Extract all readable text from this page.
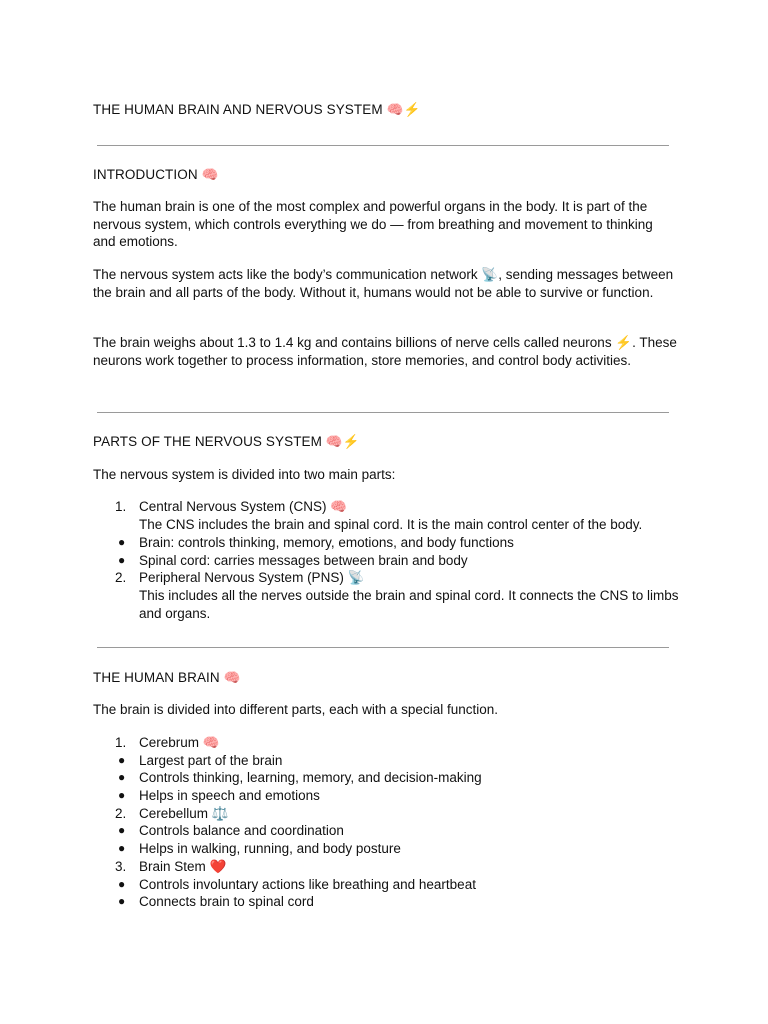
THE HUMAN BRAIN AND NERVOUS SYSTEM 🧠⚡

INTRODUCTION 🧠

The human brain is one of the most complex and powerful organs in the body. It is part of the nervous system, which controls everything we do — from breathing and movement to thinking and emotions.

The nervous system acts like the body’s communication network 📡, sending messages between the brain and all parts of the body. Without it, humans would not be able to survive or function.

The brain weighs about 1.3 to 1.4 kg and contains billions of nerve cells called neurons ⚡. These neurons work together to process information, store memories, and control body activities.

PARTS OF THE NERVOUS SYSTEM 🧠⚡

The nervous system is divided into two main parts:

1. Central Nervous System (CNS) 🧠

The CNS includes the brain and spinal cord. It is the main control center of the body.

● Brain: controls thinking, memory, emotions, and body functions
● Spinal cord: carries messages between brain and body
2. Peripheral Nervous System (PNS) 📡

This includes all the nerves outside the brain and spinal cord. It connects the CNS to limbs and organs.

THE HUMAN BRAIN 🧠

The brain is divided into different parts, each with a special function.

1. Cerebrum 🧠
● Largest part of the brain
● Controls thinking, learning, memory, and decision-making
● Helps in speech and emotions
2. Cerebellum ⚖️
● Controls balance and coordination
● Helps in walking, running, and body posture
3. Brain Stem ❤️
● Controls involuntary actions like breathing and heartbeat
● Connects brain to spinal cord
